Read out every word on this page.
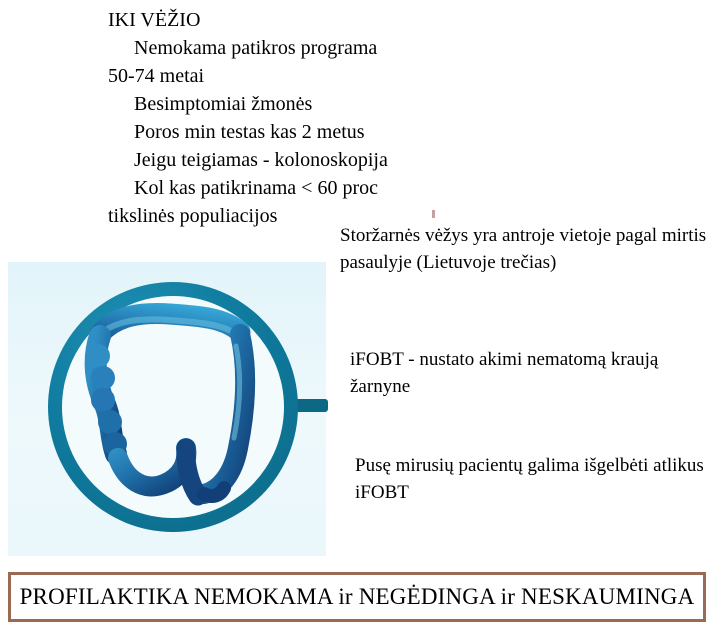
IKI VĖŽIO
Nemokama patikros programa
50-74 metai
Besimptomiai žmonės
Poros min testas kas 2 metus
Jeigu teigiamas - kolonoskopija
Kol kas patikrinama < 60 proc
tikslinės populiacijos
Storžarnės vėžys yra antroje vietoje pagal mirtis pasaulyje (Lietuvoje trečias)
iFOBT - nustato akimi nematomą kraują žarnyne
Pusę mirusių pacientų galima išgelbėti atlikus iFOBT
PROFILAKTIKA NEMOKAMA ir NEGĖDINGA ir NESKAUMINGA
